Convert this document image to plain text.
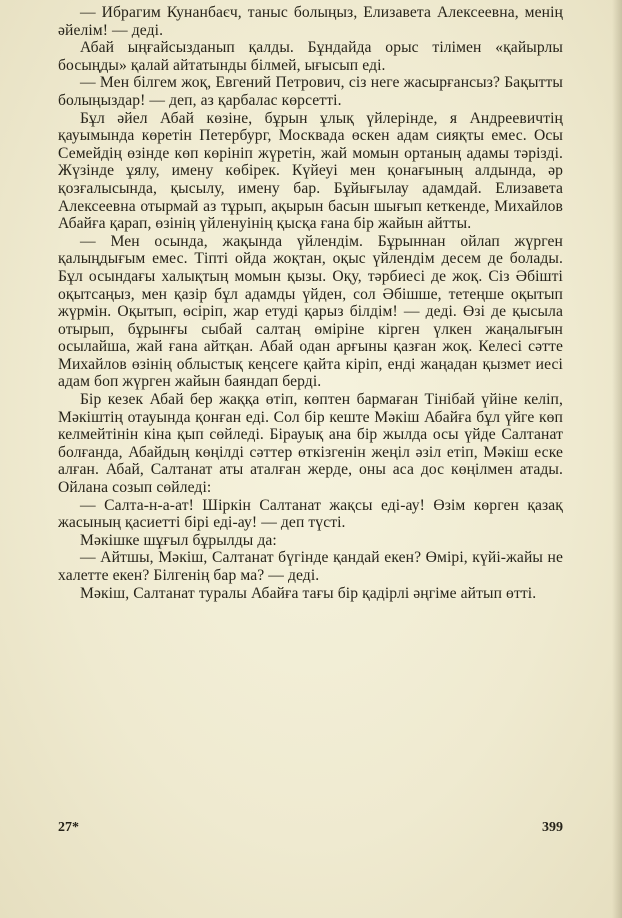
— Ибрагим Кунанбаєч, таныс болыңыз, Елизавета Алексеевна, менің әйелім! — деді.

Абай ыңғайсызданып қалды. Бұндайда орыс тілімен «қайырлы босыңды» қалай айтатынды білмей, ығысып еді.

— Мен білгем жоқ, Евгений Петрович, сіз неге жасырғансыз? Бақытты болыңыздар! — деп, аз қарбалас көрсетті.

Бұл әйел Абай көзіне, бұрын ұлық үйлерінде, я Андреевичтің қауымында көретін Петербург, Москвада өскен адам сияқты емес. Осы Семейдің өзінде көп көрініп жүретін, жай момын ортаның адамы тәрізді. Жүзінде ұялу, имену көбірек. Күйеуі мен қонағының алдында, әр қозғалысында, қысылу, имену бар. Бұйығылау адамдай. Елизавета Алексеевна отырмай аз тұрып, ақырын басын шығып кеткенде, Михайлов Абайға қарап, өзінің үйленуінің қысқа ғана бір жайын айтты.

— Мен осында, жақында үйлендім. Бұрыннан ойлап жүрген қалыңдығым емес. Тіпті ойда жоқтан, оқыс үйлендім десем де болады. Бұл осындағы халықтың момын қызы. Оқу, тәрбиесі де жоқ. Сіз Әбішті оқытсаңыз, мен қазір бұл адамды үйден, сол Әбішше, тетеңше оқытып жүрмін. Оқытып, өсіріп, жар етуді қарыз білдім! — деді. Өзі де қысыла отырып, бұрынғы сыбай салтаң өміріне кірген үлкен жаңалығын осылайша, жай ғана айтқан. Абай одан арғыны қазған жоқ. Келесі сәтте Михайлов өзінің облыстық кеңсеге қайта кіріп, енді жаңадан қызмет иесі адам боп жүрген жайын баяндап берді.

Бір кезек Абай бер жаққа өтіп, көптен бармаған Тінібай үйіне келіп, Мәкіштің отауында қонған еді. Сол бір кеште Мәкіш Абайға бұл үйге көп келмейтінін кіна қып сөйледі. Бірауық ана бір жылда осы үйде Салтанат болғанда, Абайдың көңілді сәттер өткізгенін жеңіл әзіл етіп, Мәкіш еске алған. Абай, Салтанат аты аталған жерде, оны аса дос көңілмен атады. Ойлана созып сөйледі:

— Салта-н-а-ат! Шіркін Салтанат жақсы еді-ау! Өзім көрген қазақ жасының қасиетті бірі еді-ау! — деп түсті.

Мәкішке шұғыл бұрылды да:

— Айтшы, Мәкіш, Салтанат бүгінде қандай екен? Өмірі, күйі-жайы не халетте екен? Білгенің бар ма? — деді.

Мәкіш, Салтанат туралы Абайға тағы бір қадірлі әңгіме айтып өтті.

27*	399
